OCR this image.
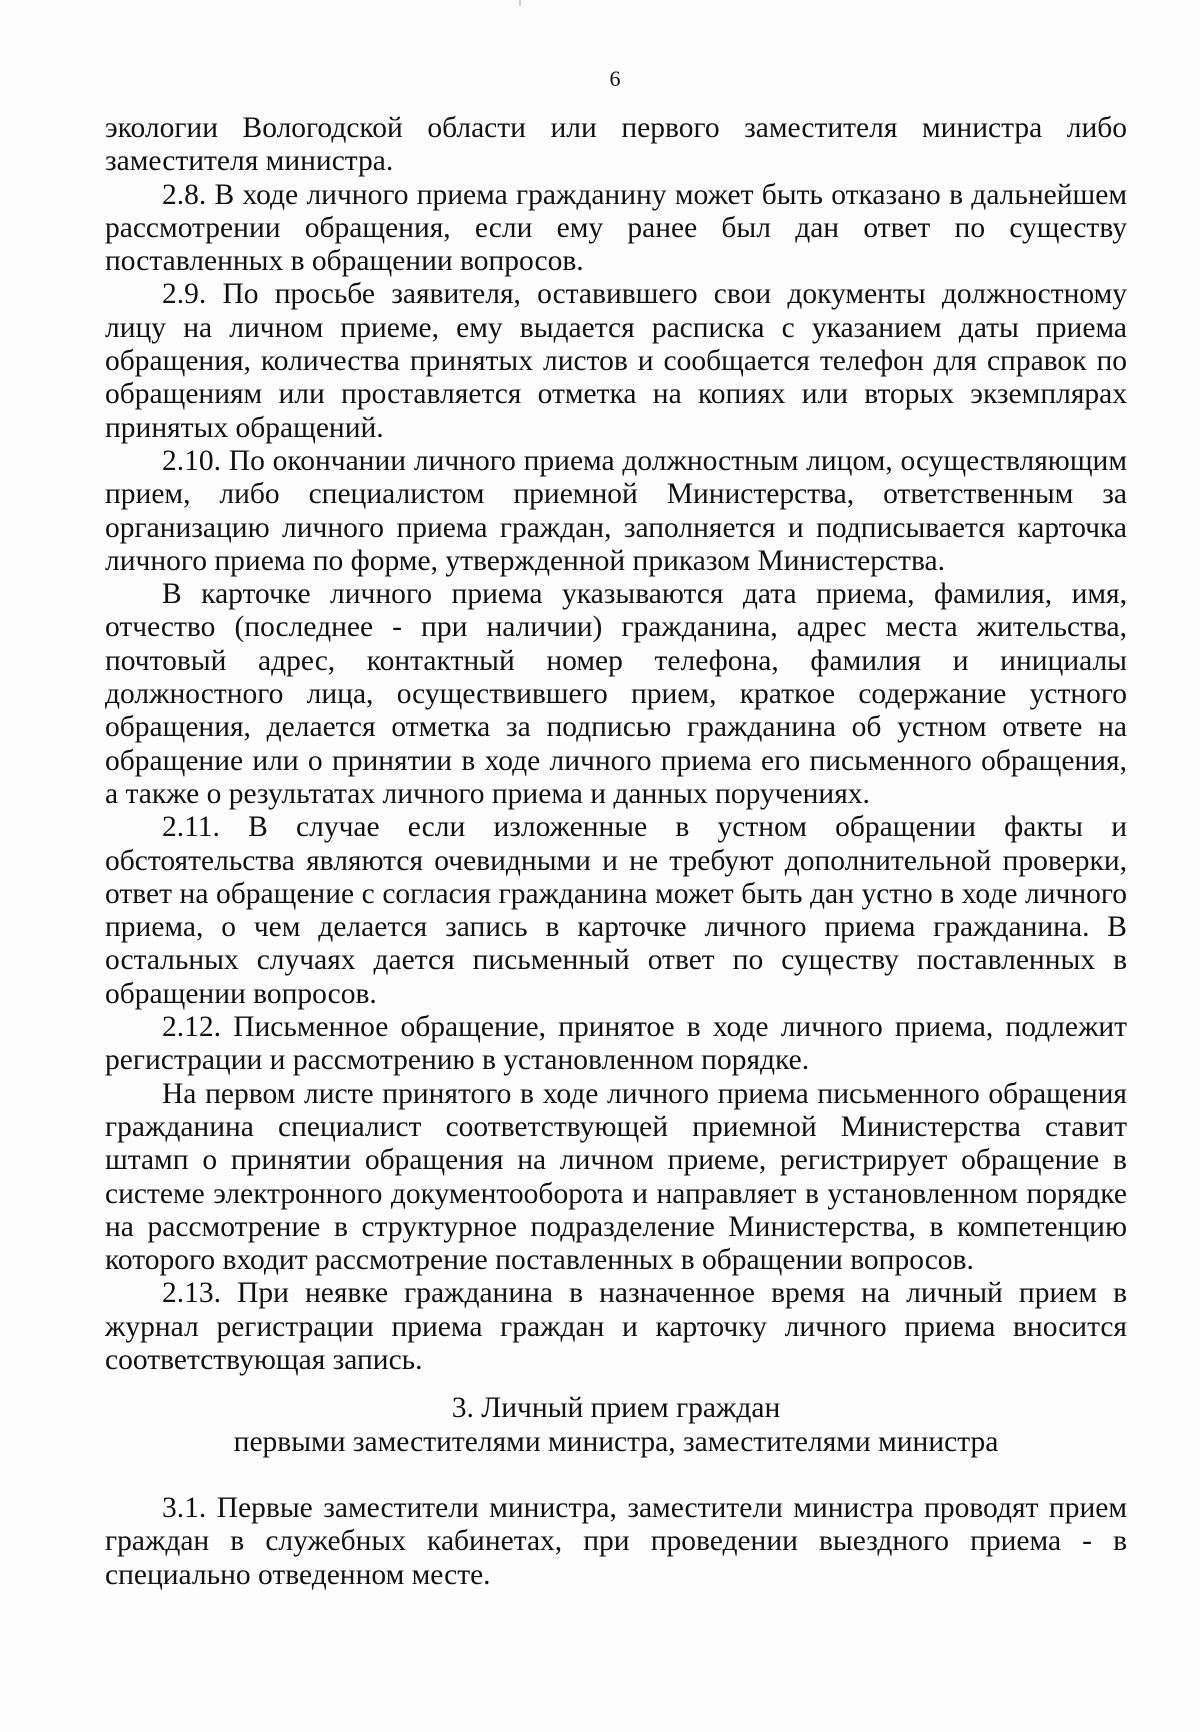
6

экологии Вологодской области или первого заместителя министра либо заместителя министра.

2.8. В ходе личного приема гражданину может быть отказано в дальнейшем рассмотрении обращения, если ему ранее был дан ответ по существу поставленных в обращении вопросов.

2.9. По просьбе заявителя, оставившего свои документы должностному лицу на личном приеме, ему выдается расписка с указанием даты приема обращения, количества принятых листов и сообщается телефон для справок по обращениям или проставляется отметка на копиях или вторых экземплярах принятых обращений.

2.10. По окончании личного приема должностным лицом, осуществляющим прием, либо специалистом приемной Министерства, ответственным за организацию личного приема граждан, заполняется и подписывается карточка личного приема по форме, утвержденной приказом Министерства.

В карточке личного приема указываются дата приема, фамилия, имя, отчество (последнее - при наличии) гражданина, адрес места жительства, почтовый адрес, контактный номер телефона, фамилия и инициалы должностного лица, осуществившего прием, краткое содержание устного обращения, делается отметка за подписью гражданина об устном ответе на обращение или о принятии в ходе личного приема его письменного обращения, а также о результатах личного приема и данных поручениях.

2.11. В случае если изложенные в устном обращении факты и обстоятельства являются очевидными и не требуют дополнительной проверки, ответ на обращение с согласия гражданина может быть дан устно в ходе личного приема, о чем делается запись в карточке личного приема гражданина. В остальных случаях дается письменный ответ по существу поставленных в обращении вопросов.

2.12. Письменное обращение, принятое в ходе личного приема, подлежит регистрации и рассмотрению в установленном порядке.

На первом листе принятого в ходе личного приема письменного обращения гражданина специалист соответствующей приемной Министерства ставит штамп о принятии обращения на личном приеме, регистрирует обращение в системе электронного документооборота и направляет в установленном порядке на рассмотрение в структурное подразделение Министерства, в компетенцию которого входит рассмотрение поставленных в обращении вопросов.

2.13. При неявке гражданина в назначенное время на личный прием в журнал регистрации приема граждан и карточку личного приема вносится соответствующая запись.

3. Личный прием граждан
первыми заместителями министра, заместителями министра

3.1. Первые заместители министра, заместители министра проводят прием граждан в служебных кабинетах, при проведении выездного приема - в специально отведенном месте.
